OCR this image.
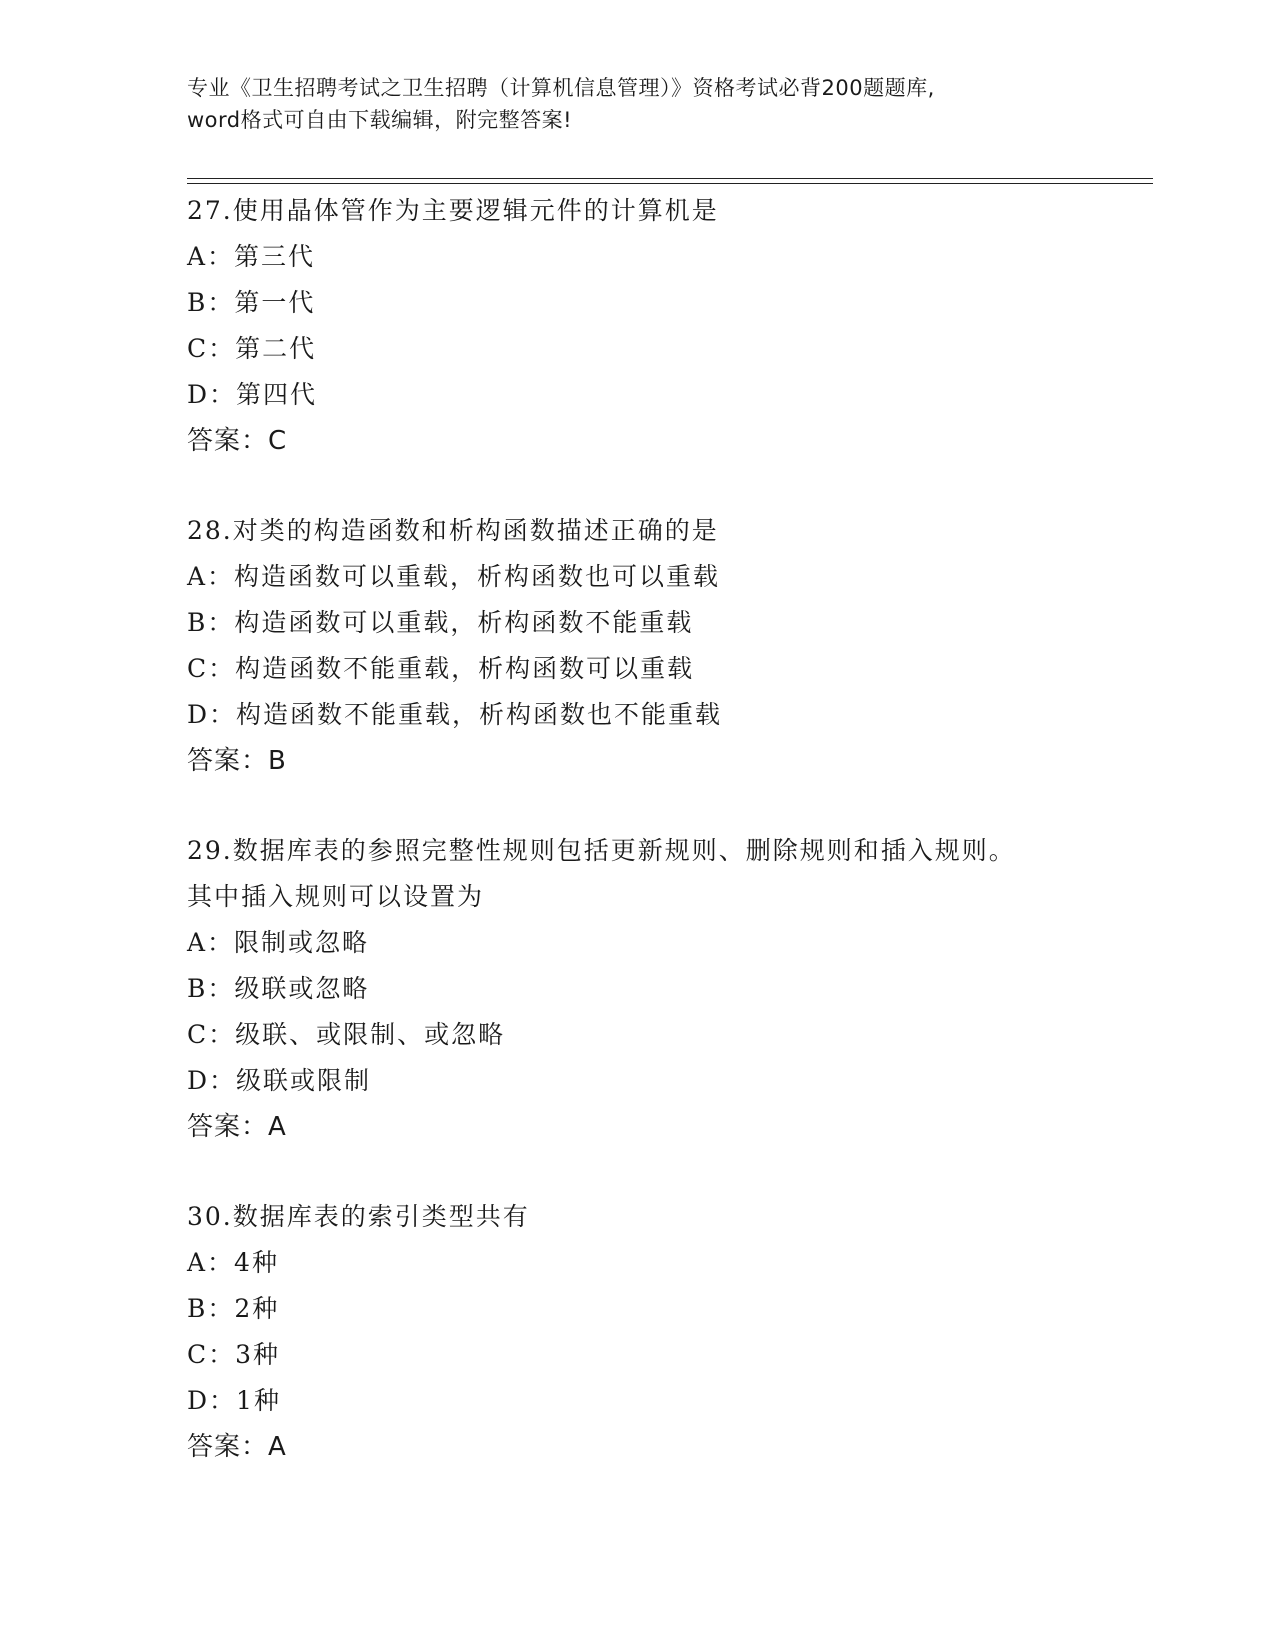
专业《卫生招聘考试之卫生招聘（计算机信息管理）》资格考试必背200题题库,
word格式可自由下载编辑，附完整答案!
27.使用晶体管作为主要逻辑元件的计算机是
A：第三代
B：第一代
C：第二代
D：第四代
答案：C
28.对类的构造函数和析构函数描述正确的是
A：构造函数可以重载，析构函数也可以重载
B：构造函数可以重载，析构函数不能重载
C：构造函数不能重载，析构函数可以重载
D：构造函数不能重载，析构函数也不能重载
答案：B
29.数据库表的参照完整性规则包括更新规则、删除规则和插入规则。
其中插入规则可以设置为
A：限制或忽略
B：级联或忽略
C：级联、或限制、或忽略
D：级联或限制
答案：A
30.数据库表的索引类型共有
A：4种
B：2种
C：3种
D：1种
答案：A
